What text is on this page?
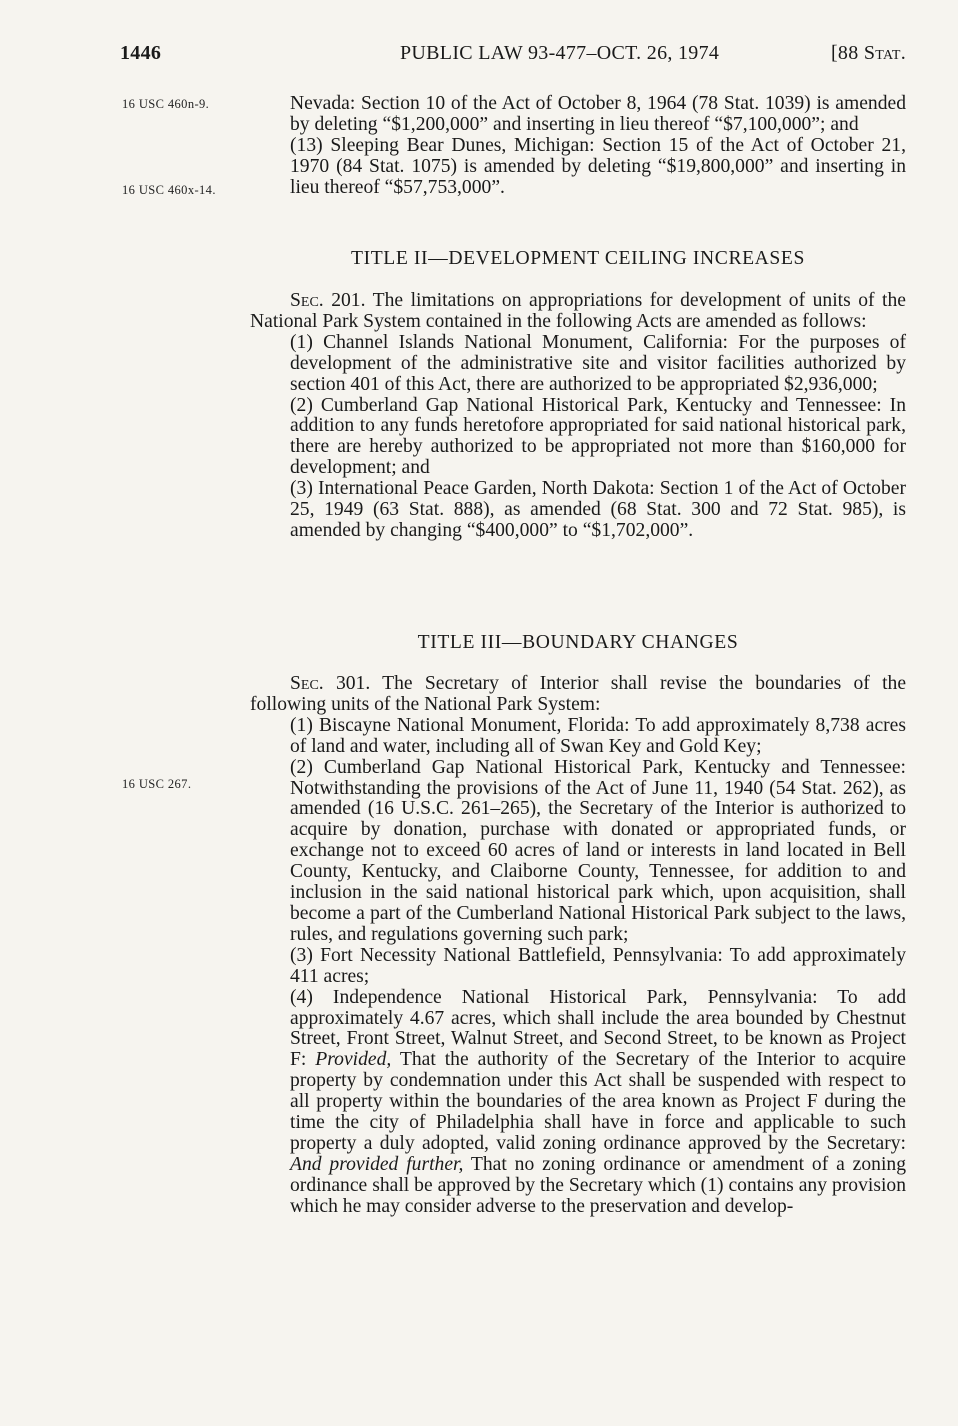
1446	PUBLIC LAW 93-477–OCT. 26, 1974	[88 Stat.
16 USC 460n-9.
16 USC 460x-14.
16 USC 267.

Nevada: Section 10 of the Act of October 8, 1964 (78 Stat. 1039) is amended by deleting “$1,200,000” and inserting in lieu thereof “$7,100,000”; and

(13) Sleeping Bear Dunes, Michigan: Section 15 of the Act of October 21, 1970 (84 Stat. 1075) is amended by deleting “$19,800,000” and inserting in lieu thereof “$57,753,000”.

TITLE II—DEVELOPMENT CEILING INCREASES

Sec. 201. The limitations on appropriations for development of units of the National Park System contained in the following Acts are amended as follows:

(1) Channel Islands National Monument, California: For the purposes of development of the administrative site and visitor facilities authorized by section 401 of this Act, there are authorized to be appropriated $2,936,000;

(2) Cumberland Gap National Historical Park, Kentucky and Tennessee: In addition to any funds heretofore appropriated for said national historical park, there are hereby authorized to be appropriated not more than $160,000 for development; and

(3) International Peace Garden, North Dakota: Section 1 of the Act of October 25, 1949 (63 Stat. 888), as amended (68 Stat. 300 and 72 Stat. 985), is amended by changing “$400,000” to “$1,702,000”.

TITLE III—BOUNDARY CHANGES

Sec. 301. The Secretary of Interior shall revise the boundaries of the following units of the National Park System:

(1) Biscayne National Monument, Florida: To add approximately 8,738 acres of land and water, including all of Swan Key and Gold Key;

(2) Cumberland Gap National Historical Park, Kentucky and Tennessee: Notwithstanding the provisions of the Act of June 11, 1940 (54 Stat. 262), as amended (16 U.S.C. 261–265), the Secretary of the Interior is authorized to acquire by donation, purchase with donated or appropriated funds, or exchange not to exceed 60 acres of land or interests in land located in Bell County, Kentucky, and Claiborne County, Tennessee, for addition to and inclusion in the said national historical park which, upon acquisition, shall become a part of the Cumberland National Historical Park subject to the laws, rules, and regulations governing such park;

(3) Fort Necessity National Battlefield, Pennsylvania: To add approximately 411 acres;

(4) Independence National Historical Park, Pennsylvania: To add approximately 4.67 acres, which shall include the area bounded by Chestnut Street, Front Street, Walnut Street, and Second Street, to be known as Project F: Provided, That the authority of the Secretary of the Interior to acquire property by condemnation under this Act shall be suspended with respect to all property within the boundaries of the area known as Project F during the time the city of Philadelphia shall have in force and applicable to such property a duly adopted, valid zoning ordinance approved by the Secretary: And provided further, That no zoning ordinance or amendment of a zoning ordinance shall be approved by the Secretary which (1) contains any provision which he may consider adverse to the preservation and develop-
